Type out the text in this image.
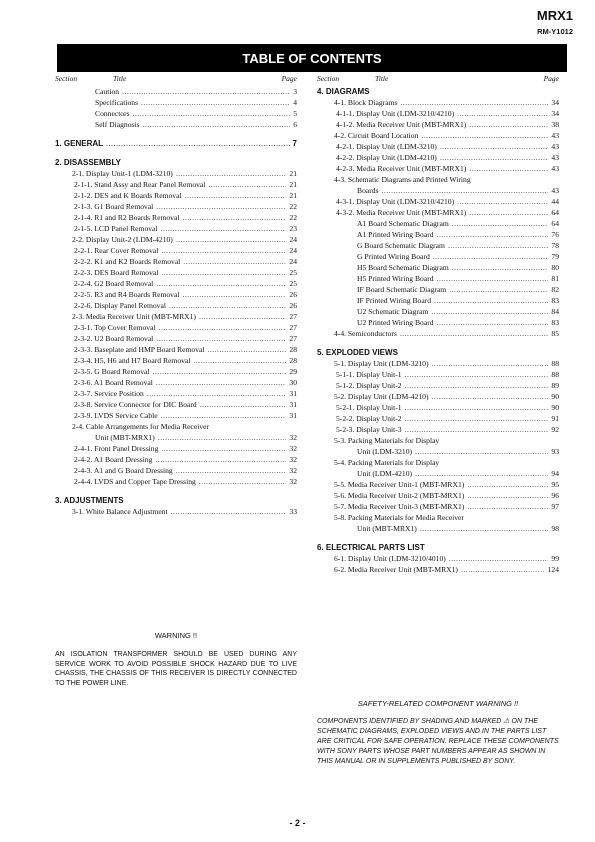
MRX1
RM-Y1012
TABLE OF CONTENTS
Section	Title	Page
Caution .....	3
Specifications .....	4
Connectors .....	5
Self Diagnosis .....	6
1. GENERAL .....	7
2. DISASSEMBLY
2-1. Display Unit-1 (LDM-3210) .....	21
2-1-1. Stand Assy and Rear Panel Removal .....	21
2-1-2. DES and K Boards Removal .....	21
2-1-3. G1 Board Removal .....	22
2-1-4. R1 and R2 Boards Removal .....	22
2-1-5. LCD Panel Removal .....	23
2-2. Display Unit-2 (LDM-4210) .....	24
2-2-1. Rear Cover Removal .....	24
2-2-2. K1 and K2 Boards Removal .....	24
2-2-3. DES Board Removal .....	25
2-2-4. G2 Board Removal .....	25
2-2-5. R3 and R4 Boards Removal .....	26
2-2-6. Display Panel Removal .....	26
2-3. Media Receiver Unit (MBT-MRX1) .....	27
2-3-1. Top Cover Removal .....	27
2-3-2. U2 Board Removal .....	27
2-3-3. Baseplate and HMP Board Removal .....	28
2-3-4. H5, H6 and H7 Board Removal .....	28
2-3-5. G Board Removal .....	29
2-3-6. A1 Board Removal .....	30
2-3-7. Service Position .....	31
2-3-8. Service Connector for DIC Board .....	31
2-3-9. LVDS Service Cable .....	31
2-4. Cable Arrangements for Media Receiver
Unit (MBT-MRX1) .....	32
2-4-1. Front Panel Dressing .....	32
2-4-2. A1 Board Dressing .....	32
2-4-3. A1 and G Board Dressing .....	32
2-4-4. LVDS and Copper Tape Dressing .....	32
3. ADJUSTMENTS
3-1. White Balance Adjustment .....	33
Section	Title	Page
4. DIAGRAMS
4-1. Block Diagrams .....	34
4-1-1. Display Unit (LDM-3210/4210) .....	34
4-1-2. Media Receiver Unit (MBT-MRX1) .....	38
4-2. Circuit Board Location .....	43
4-2-1. Display Unit (LDM-3210) .....	43
4-2-2. Display Unit (LDM-4210) .....	43
4-2-3. Media Receiver Unit (MBT-MRX1) .....	43
4-3. Schematic Diagrams and Printed Wiring
Boards .....	43
4-3-1. Display Unit (LDM-3210/4210) .....	44
4-3-2. Media Receiver Unit (MBT-MRX1) .....	64
A1 Board Schematic Diagram .....	64
A1 Printed Wiring Board .....	76
G Board Schematic Diagram .....	78
G Printed Wiring Board .....	79
H5 Board Schematic Diagram .....	80
H5 Printed Wiring Board .....	81
IF Board Schematic Diagram .....	82
IF Printed Wiring Board .....	83
U2 Schematic Diagram .....	84
U2 Printed Wiring Board .....	83
4-4. Semiconductors .....	85
5. EXPLODED VIEWS
5-1. Display Unit (LDM-3210) .....	88
5-1-1. Display Unit-1 .....	88
5-1-2. Display Unit-2 .....	89
5-2. Display Unit (LDM-4210) .....	90
5-2-1. Display Unit-1 .....	90
5-2-2. Display Unit-2 .....	91
5-2-3. Display Unit-3 .....	92
5-3. Packing Materials for Display
Unit (LDM-3210) .....	93
5-4. Packing Materials for Display
Unit (LDM-4210) .....	94
5-5. Media Receiver Unit-1 (MBT-MRX1) .....	95
5-6. Media Receiver Unit-2 (MBT-MRX1) .....	96
5-7. Media Receiver Unit-3 (MBT-MRX1) .....	97
5-8. Packing Materials for Media Receiver
Unit (MBT-MRX1) .....	98
6. ELECTRICAL PARTS LIST
6-1. Display Unit (LDM-3210/4010) .....	99
6-2. Media Receiver Unit (MBT-MRX1) .....	124
WARNING !!
AN ISOLATION TRANSFORMER SHOULD BE USED DURING ANY SERVICE WORK TO AVOID POSSIBLE SHOCK HAZARD DUE TO LIVE CHASSIS, THE CHASSIS OF THIS RECEIVER IS DIRECTLY CONNECTED TO THE POWER LINE.
SAFETY-RELATED COMPONENT WARNING !!
COMPONENTS IDENTIFIED BY SHADING AND MARKED ⚠ ON THE SCHEMATIC DIAGRAMS, EXPLODED VIEWS AND IN THE PARTS LIST ARE CRITICAL FOR SAFE OPERATION. REPLACE THESE COMPONENTS WITH SONY PARTS WHOSE PART NUMBERS APPEAR AS SHOWN IN THIS MANUAL OR IN SUPPLEMENTS PUBLISHED BY SONY.
- 2 -
